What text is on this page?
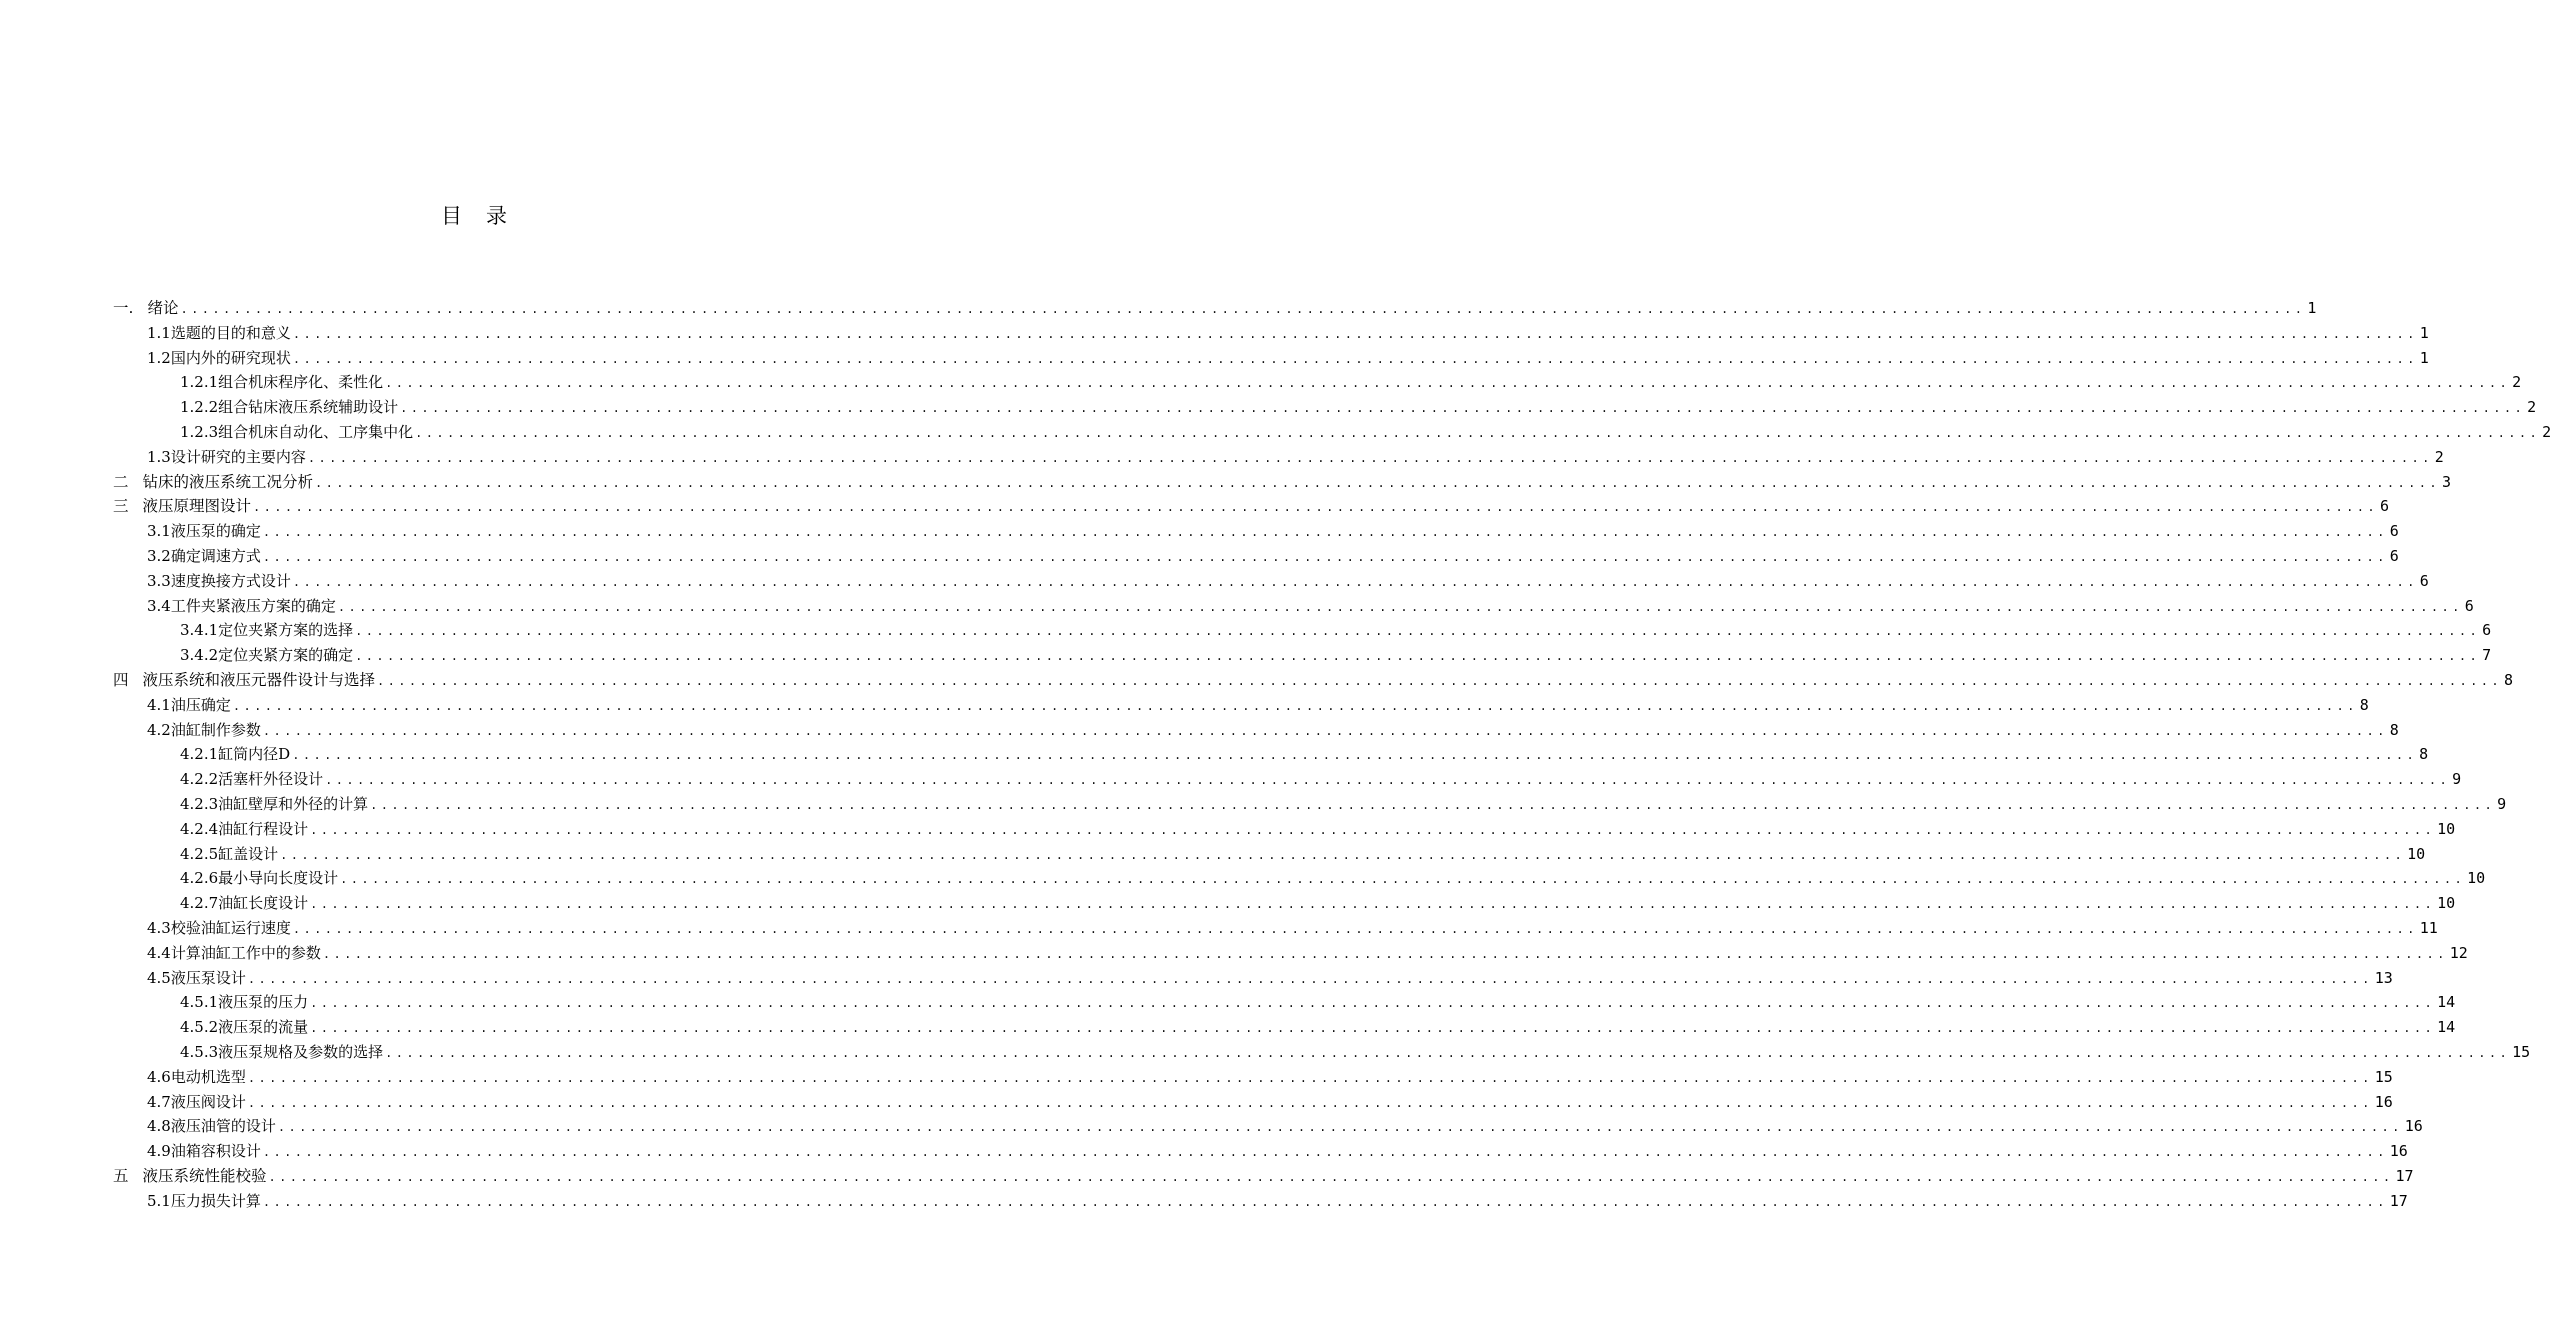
目 录
一. 绪论 ........................................................................................................................................................................................................ 1
1.1选题的目的和意义 ........................................................................................................................................................................................................ 1
1.2国内外的研究现状 ........................................................................................................................................................................................................ 1
1.2.1组合机床程序化、柔性化 ........................................................................................................................................................................................................ 2
1.2.2组合钻床液压系统辅助设计 ........................................................................................................................................................................................................ 2
1.2.3组合机床自动化、工序集中化 ........................................................................................................................................................................................................ 2
1.3设计研究的主要内容 ........................................................................................................................................................................................................ 2
二 钻床的液压系统工况分析 ........................................................................................................................................................................................................ 3
三 液压原理图设计 ........................................................................................................................................................................................................ 6
3.1液压泵的确定 ........................................................................................................................................................................................................ 6
3.2确定调速方式 ........................................................................................................................................................................................................ 6
3.3速度换接方式设计 ........................................................................................................................................................................................................ 6
3.4工件夹紧液压方案的确定 ........................................................................................................................................................................................................ 6
3.4.1定位夹紧方案的选择 ........................................................................................................................................................................................................ 6
3.4.2定位夹紧方案的确定 ........................................................................................................................................................................................................ 7
四 液压系统和液压元器件设计与选择 ........................................................................................................................................................................................................ 8
4.1油压确定 ........................................................................................................................................................................................................ 8
4.2油缸制作参数 ........................................................................................................................................................................................................ 8
4.2.1缸筒内径D ........................................................................................................................................................................................................ 8
4.2.2活塞杆外径设计 ........................................................................................................................................................................................................ 9
4.2.3油缸壁厚和外径的计算 ........................................................................................................................................................................................................ 9
4.2.4油缸行程设计 ........................................................................................................................................................................................................ 10
4.2.5缸盖设计 ........................................................................................................................................................................................................ 10
4.2.6最小导向长度设计 ........................................................................................................................................................................................................ 10
4.2.7油缸长度设计 ........................................................................................................................................................................................................ 10
4.3校验油缸运行速度 ........................................................................................................................................................................................................ 11
4.4计算油缸工作中的参数 ........................................................................................................................................................................................................ 12
4.5液压泵设计 ........................................................................................................................................................................................................ 13
4.5.1液压泵的压力 ........................................................................................................................................................................................................ 14
4.5.2液压泵的流量 ........................................................................................................................................................................................................ 14
4.5.3液压泵规格及参数的选择 ........................................................................................................................................................................................................ 15
4.6电动机选型 ........................................................................................................................................................................................................ 15
4.7液压阀设计 ........................................................................................................................................................................................................ 16
4.8液压油管的设计 ........................................................................................................................................................................................................ 16
4.9油箱容积设计 ........................................................................................................................................................................................................ 16
五 液压系统性能校验 ........................................................................................................................................................................................................ 17
5.1压力损失计算 ........................................................................................................................................................................................................ 17
